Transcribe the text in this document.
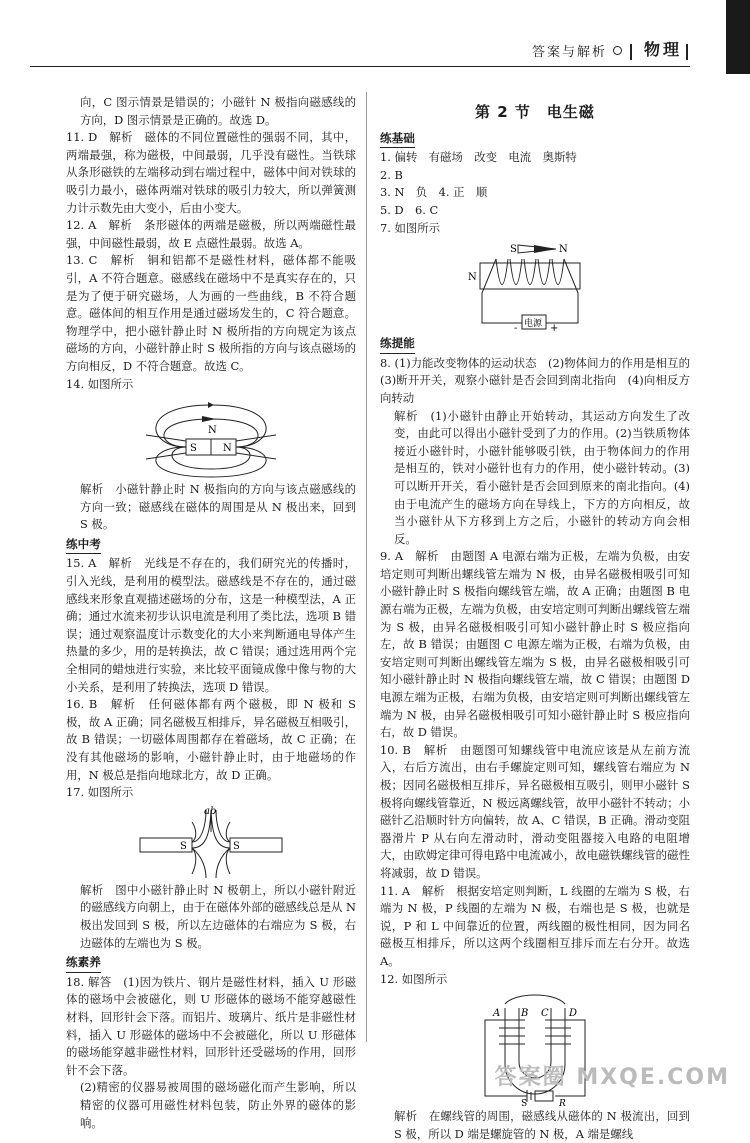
答案与解析	物理

向，C 图示情景是错误的；小磁针 N 极指向磁感线的方向，D 图示情景是正确的。故选 D。

11. D　解析　磁体的不同位置磁性的强弱不同，其中，两端最强，称为磁极，中间最弱，几乎没有磁性。当铁球从条形磁铁的左端移动到右端过程中，磁体中间对铁球的吸引力最小，磁体两端对铁球的吸引力较大，所以弹簧测力计示数先由大变小，后由小变大。

12. A　解析　条形磁体的两端是磁极，所以两端磁性最强，中间磁性最弱，故 E 点磁性最弱。故选 A。

13. C　解析　铜和铝都不是磁性材料，磁体都不能吸引，A 不符合题意。磁感线在磁场中不是真实存在的，只是为了便于研究磁场，人为画的一些曲线，B 不符合题意。磁体间的相互作用是通过磁场发生的，C 符合题意。物理学中，把小磁针静止时 N 极所指的方向规定为该点磁场的方向，小磁针静止时 S 极所指的方向与该点磁场的方向相反，D 不符合题意。故选 C。

14. 如图所示

S	N
N

解析　小磁针静止时 N 极指向的方向与该点磁感线的方向一致；磁感线在磁体的周围是从 N 极出来，回到 S 极。

练中考

15. A　解析　光线是不存在的，我们研究光的传播时，引入光线，是利用的模型法。磁感线是不存在的，通过磁感线来形象直观描述磁场的分布，这是一种模型法，A 正确；通过水流来初步认识电流是利用了类比法，选项 B 错误；通过观察温度计示数变化的大小来判断通电导体产生热量的多少，用的是转换法，故 C 错误；通过选用两个完全相同的蜡烛进行实验，来比较平面镜成像中像与物的大小关系，是利用了转换法，选项 D 错误。

16. B　解析　任何磁体都有两个磁极，即 N 极和 S 极，故 A 正确；同名磁极互相排斥，异名磁极互相吸引，故 B 错误；一切磁体周围都存在着磁场，故 C 正确；在没有其他磁场的影响，小磁针静止时，由于地磁场的作用，N 极总是指向地球北方，故 D 正确。

17. 如图所示

ab
S	S

解析　图中小磁针静止时 N 极朝上，所以小磁针附近的磁感线方向朝上，由于在磁体外部的磁感线总是从 N 极出发回到 S 极，所以左边磁体的右端应为 S 极，右边磁体的左端也为 S 极。

练素养

18. 解答　(1)因为铁片、钢片是磁性材料，插入 U 形磁体的磁场中会被磁化，则 U 形磁体的磁场不能穿越磁性材料，回形针会下落。而铝片、玻璃片、纸片是非磁性材料，插入 U 形磁体的磁场中不会被磁化，所以 U 形磁体的磁场能穿越非磁性材料，回形针还受磁场的作用，回形针不会下落。

(2)精密的仪器易被周围的磁场磁化而产生影响，所以精密的仪器可用磁性材料包装，防止外界的磁体的影响。

第 2 节　电生磁
练基础

1. 偏转　有磁场　改变　电流　奥斯特

2. B

3. N　负　4. 正　顺

5. D　6. C

7. 如图所示

S	N
N
电源
-	+
练提能

8. (1)力能改变物体的运动状态　(2)物体间力的作用是相互的　(3)断开开关，观察小磁针是否会回到南北指向　(4)向相反方向转动

解析　(1)小磁针由静止开始转动，其运动方向发生了改变，由此可以得出小磁针受到了力的作用。(2)当铁质物体接近小磁针时，小磁针能够吸引铁，由于物体间力的作用是相互的，铁对小磁针也有力的作用，使小磁针转动。(3)可以断开开关，看小磁针是否会回到原来的南北指向。(4)由于电流产生的磁场方向在导线上，下方的方向相反，故当小磁针从下方移到上方之后，小磁针的转动方向会相反。

9. A　解析　由题图 A 电源右端为正极，左端为负极，由安培定则可判断出螺线管左端为 N 极，由异名磁极相吸引可知小磁针静止时 S 极指向螺线管左端，故 A 正确；由题图 B 电源右端为正极，左端为负极，由安培定则可判断出螺线管左端为 S 极，由异名磁极相吸引可知小磁针静止时 S 极应指向左，故 B 错误；由题图 C 电源左端为正极，右端为负极，由安培定则可判断出螺线管左端为 S 极，由异名磁极相吸引可知小磁针静止时 N 极指向螺线管左端，故 C 错误；由题图 D 电源左端为正极，右端为负极，由安培定则可判断出螺线管左端为 N 极，由异名磁极相吸引可知小磁针静止时 S 极应指向右，故 D 错误。

10. B　解析　由题图可知螺线管中电流应该是从左前方流入，右后方流出，由右手螺旋定则可知，螺线管右端应为 N 极；因同名磁极相互排斥，异名磁极相互吸引，则甲小磁针 S 极将向螺线管靠近，N 极远离螺线管，故甲小磁针不转动；小磁针乙沿顺时针方向偏转，故 A、C 错误，B 正确。滑动变阻器滑片 P 从右向左滑动时，滑动变阻器接入电路的电阻增大，由欧姆定律可得电路中电流减小，故电磁铁螺线管的磁性将减弱，故 D 错误。

11. A　解析　根据安培定则判断，L 线圈的左端为 S 极，右端为 N 极，P 线圈的左端为 N 极，右端也是 S 极，也就是说，P 和 L 中间靠近的位置，两线圈的极性相同，因为同名磁极互相排斥，所以这两个线圈相互排斥而左右分开。故选 A。

12. 如图所示

A B C D
S	R

解析　在螺线管的周围，磁感线从磁体的 N 极流出，回到 S 极，所以 D 端是螺旋管的 N 极，A 端是螺线

答案圈 MXQE.COM
